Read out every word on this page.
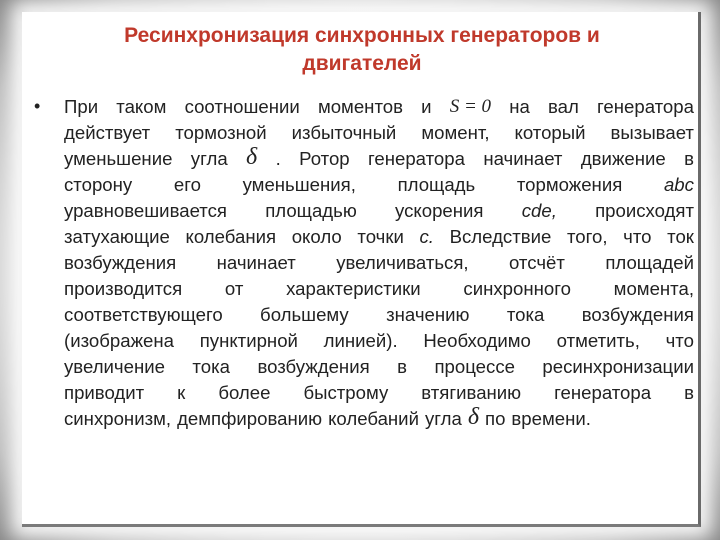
Ресинхронизация синхронных генераторов и двигателей
• При таком соотношении моментов и S = 0 на вал генератора
действует тормозной избыточный момент, который вызывает
уменьшение угла δ . Ротор генератора начинает движение в
сторону его уменьшения, площадь торможения abc
уравновешивается площадью ускорения cde, происходят
затухающие колебания около точки c. Вследствие того, что ток
возбуждения начинает увеличиваться, отсчёт площадей
производится от характеристики синхронного момента,
соответствующего большему значению тока возбуждения
(изображена пунктирной линией). Необходимо отметить, что
увеличение тока возбуждения в процессе ресинхронизации
приводит к более быстрому втягиванию генератора в
синхронизм, демпфированию колебаний угла δ по времени.
